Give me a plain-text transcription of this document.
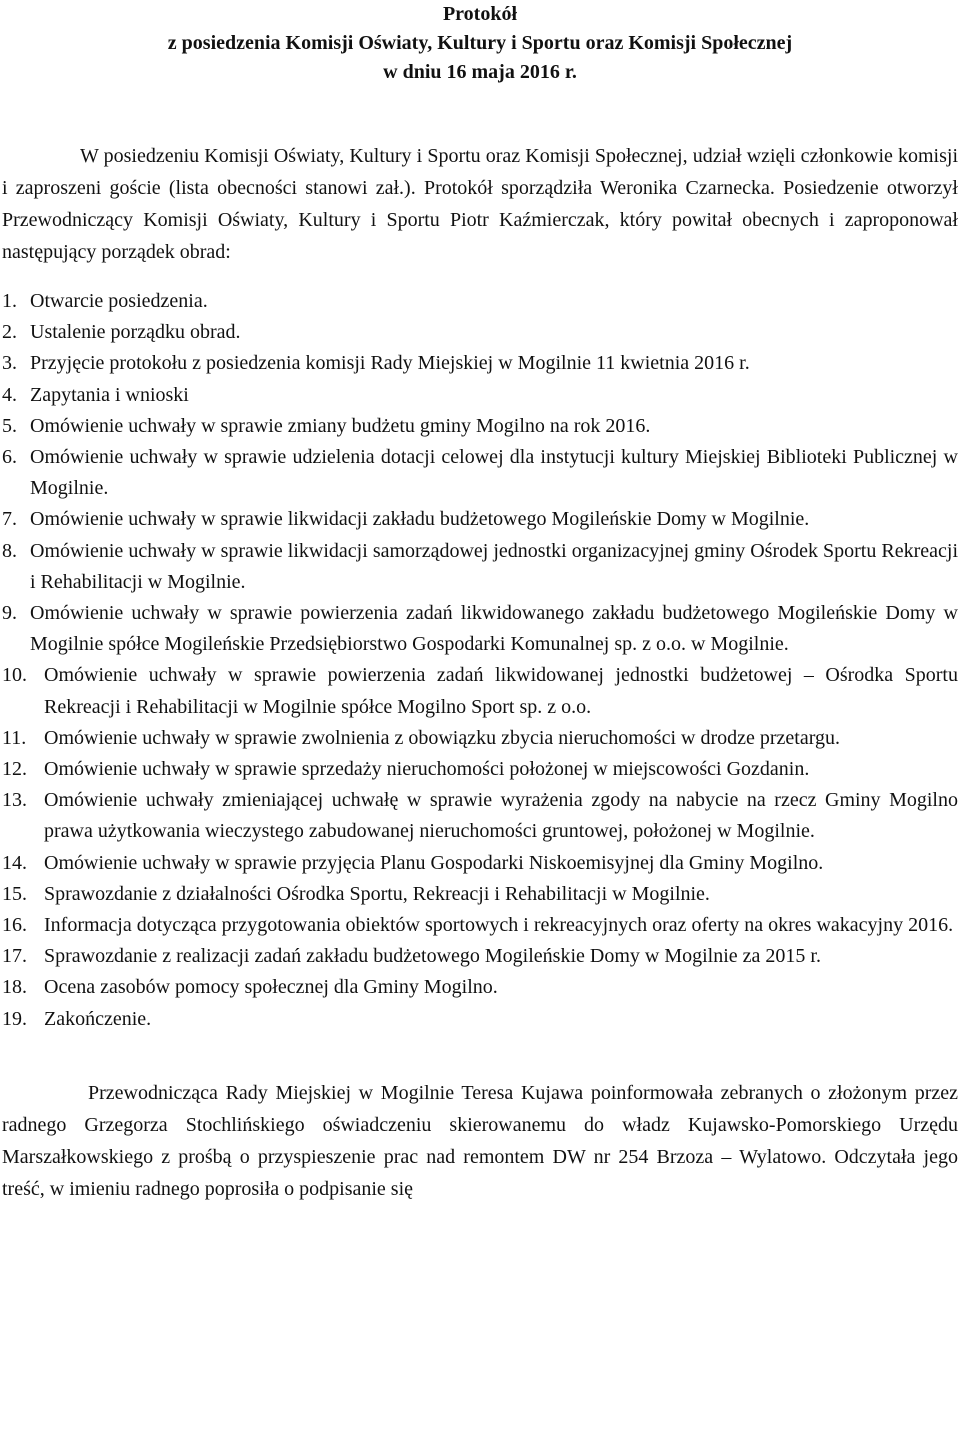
Protokół
z posiedzenia Komisji Oświaty, Kultury i Sportu oraz Komisji Społecznej
w dniu 16 maja 2016 r.

W posiedzeniu Komisji Oświaty, Kultury i Sportu oraz Komisji Społecznej, udział wzięli członkowie komisji i zaproszeni goście (lista obecności stanowi zał.). Protokół sporządziła Weronika Czarnecka. Posiedzenie otworzył Przewodniczący Komisji Oświaty, Kultury i Sportu Piotr Kaźmierczak, który powitał obecnych i zaproponował następujący porządek obrad:

1. Otwarcie posiedzenia.
2. Ustalenie porządku obrad.
3. Przyjęcie protokołu z posiedzenia komisji Rady Miejskiej w Mogilnie 11 kwietnia 2016 r.
4. Zapytania i wnioski
5. Omówienie uchwały w sprawie zmiany budżetu gminy Mogilno na rok 2016.
6. Omówienie uchwały w sprawie udzielenia dotacji celowej dla instytucji kultury Miejskiej Biblioteki Publicznej w Mogilnie.
7. Omówienie uchwały w sprawie likwidacji zakładu budżetowego Mogileńskie Domy w Mogilnie.
8. Omówienie uchwały w sprawie likwidacji samorządowej jednostki organizacyjnej gminy Ośrodek Sportu Rekreacji i Rehabilitacji w Mogilnie.
9. Omówienie uchwały w sprawie powierzenia zadań likwidowanego zakładu budżetowego Mogileńskie Domy w Mogilnie spółce Mogileńskie Przedsiębiorstwo Gospodarki Komunalnej sp. z o.o. w Mogilnie.
10. Omówienie uchwały w sprawie powierzenia zadań likwidowanej jednostki budżetowej – Ośrodka Sportu Rekreacji i Rehabilitacji w Mogilnie spółce Mogilno Sport sp. z o.o.
11. Omówienie uchwały w sprawie zwolnienia z obowiązku zbycia nieruchomości w drodze przetargu.
12. Omówienie uchwały w sprawie sprzedaży nieruchomości położonej w miejscowości Gozdanin.
13. Omówienie uchwały zmieniającej uchwałę w sprawie wyrażenia zgody na nabycie na rzecz Gminy Mogilno prawa użytkowania wieczystego zabudowanej nieruchomości gruntowej, położonej w Mogilnie.
14. Omówienie uchwały w sprawie przyjęcia Planu Gospodarki Niskoemisyjnej dla Gminy Mogilno.
15. Sprawozdanie z działalności Ośrodka Sportu, Rekreacji i Rehabilitacji w Mogilnie.
16. Informacja dotycząca przygotowania obiektów sportowych i rekreacyjnych oraz oferty na okres wakacyjny 2016.
17. Sprawozdanie z realizacji zadań zakładu budżetowego Mogileńskie Domy w Mogilnie za 2015 r.
18. Ocena zasobów pomocy społecznej dla Gminy Mogilno.
19. Zakończenie.

Przewodnicząca Rady Miejskiej w Mogilnie Teresa Kujawa poinformowała zebranych o złożonym przez radnego Grzegorza Stochlińskiego oświadczeniu skierowanemu do władz Kujawsko-Pomorskiego Urzędu Marszałkowskiego z prośbą o przyspieszenie prac nad remontem DW nr 254 Brzoza – Wylatowo. Odczytała jego treść, w imieniu radnego poprosiła o podpisanie się
